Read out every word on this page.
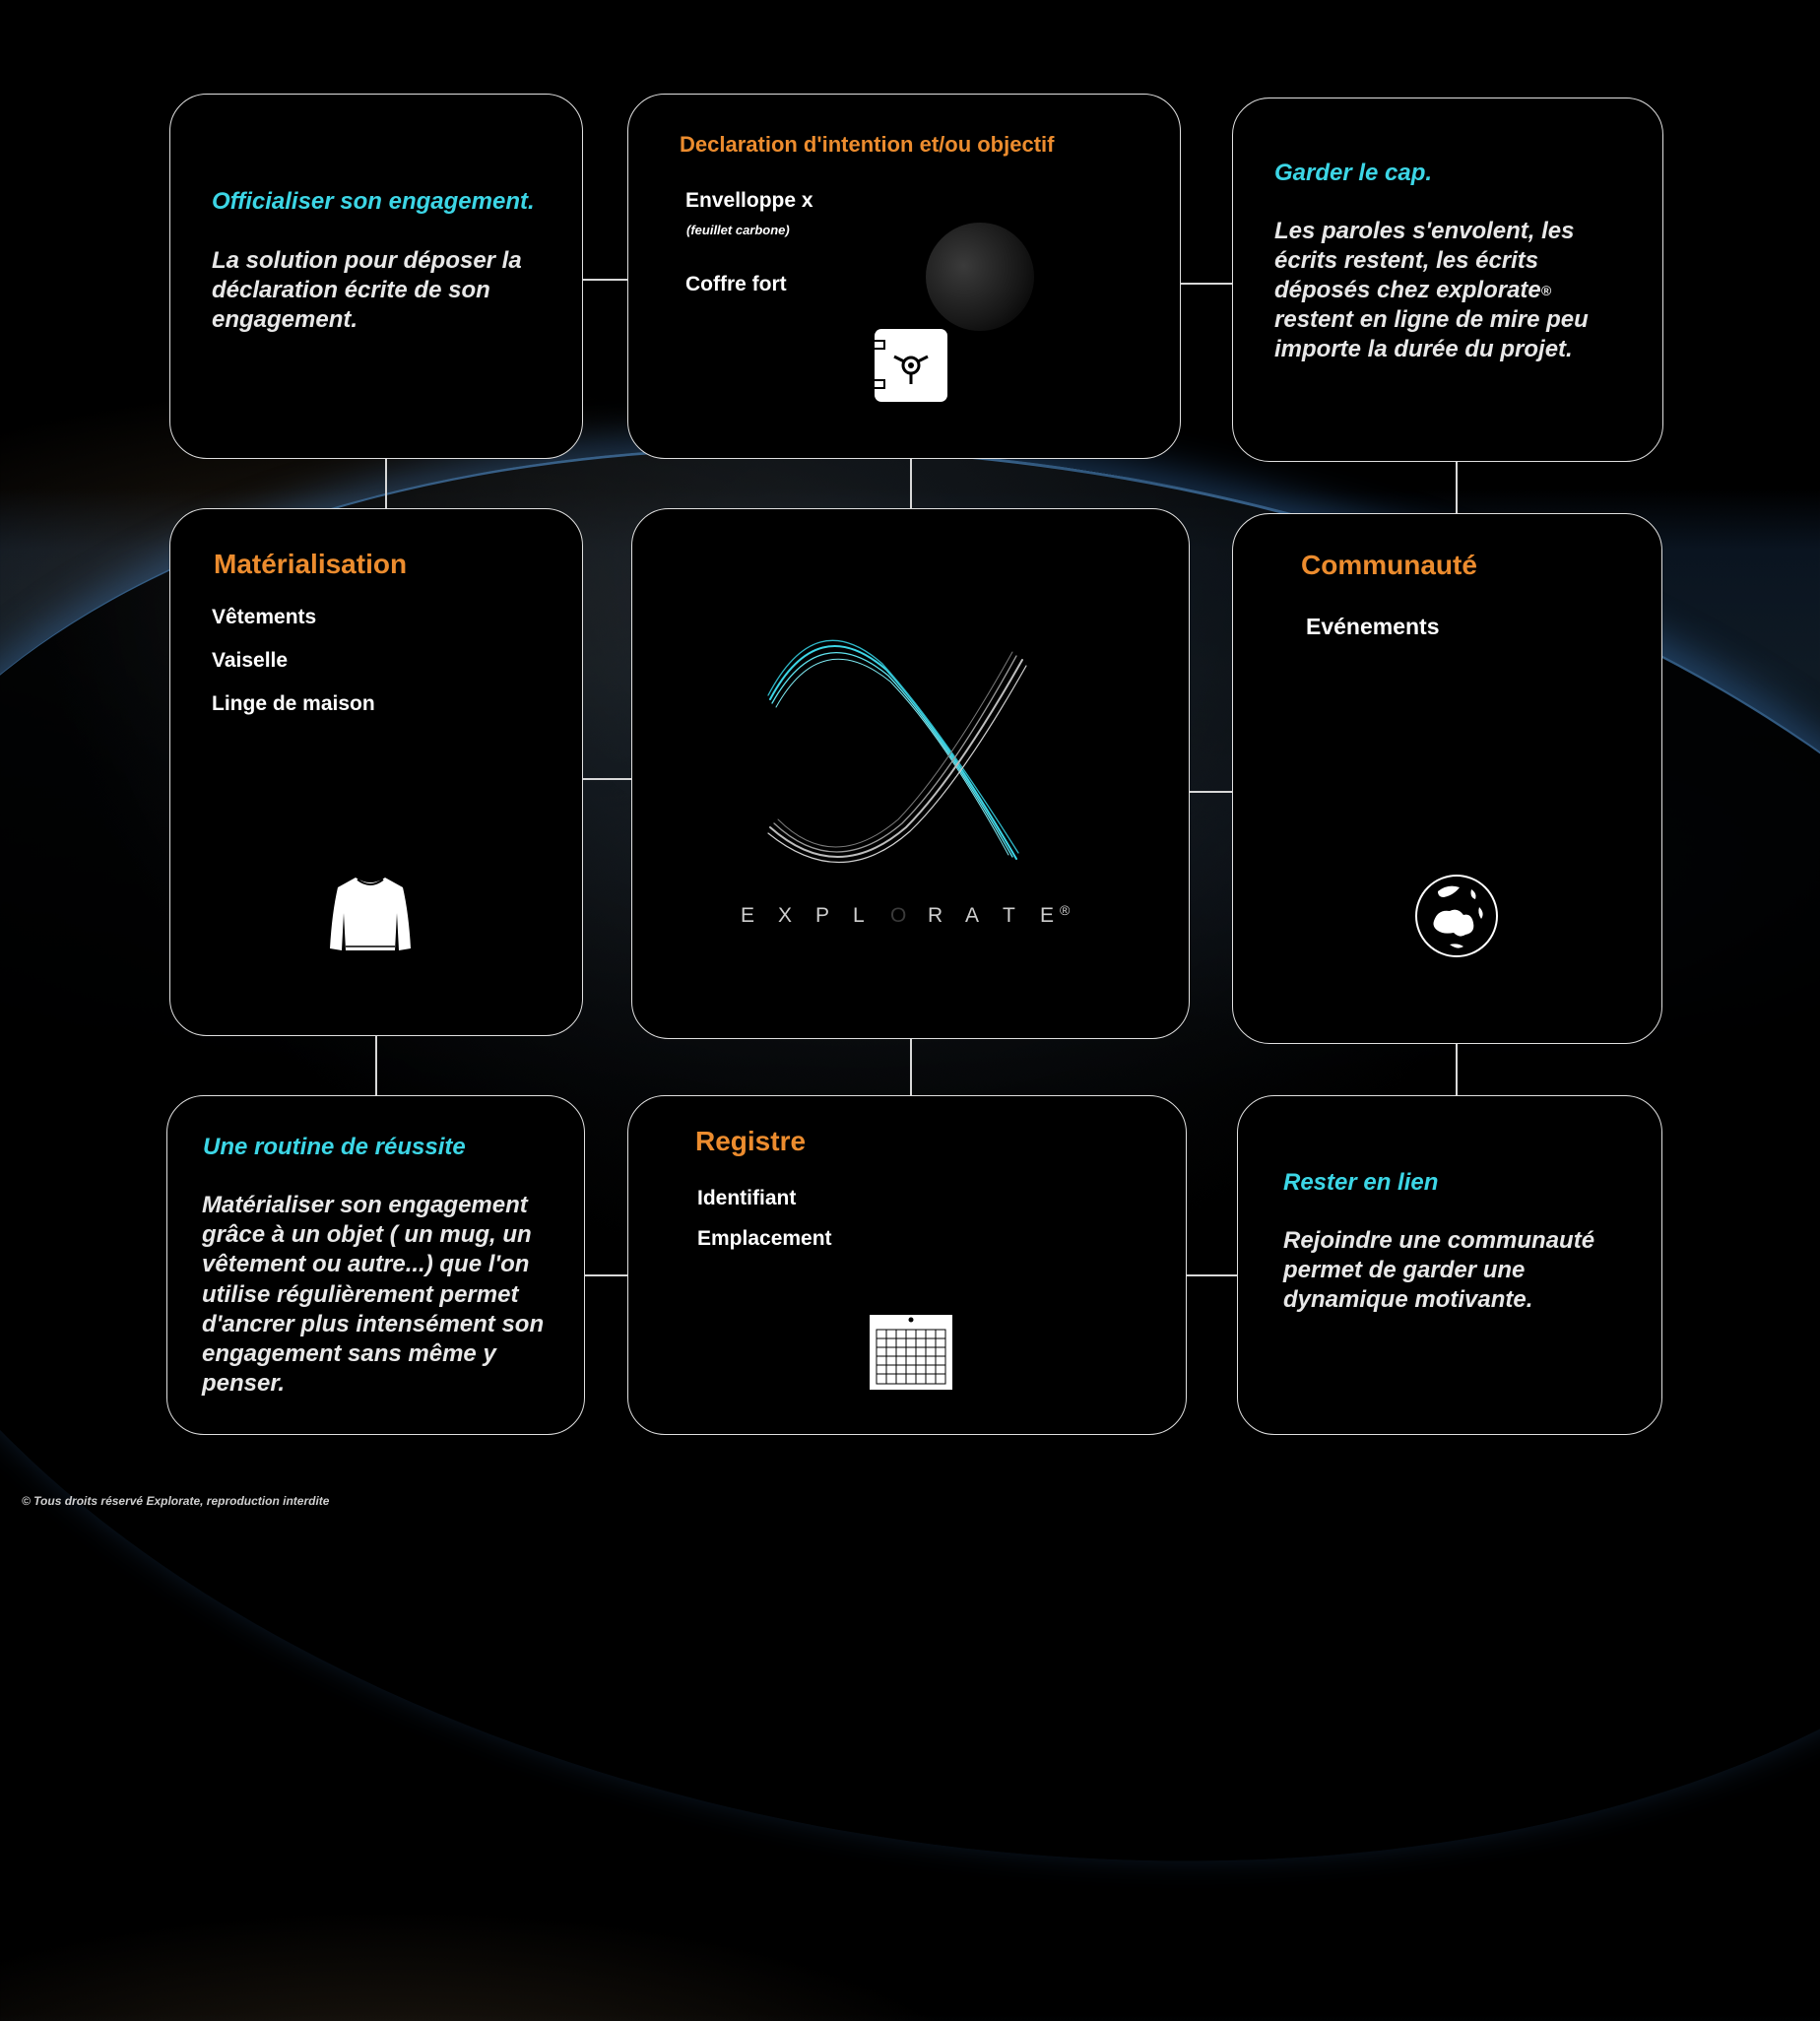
Officialiser son engagement.
La solution pour déposer la déclaration écrite de son engagement.
Declaration d'intention et/ou objectif
Envelloppe x
(feuillet carbone)
Coffre fort
Garder le cap.
Les paroles s'envolent, les écrits restent, les écrits déposés chez explorate® restent en ligne de mire peu importe la durée du projet.
Matérialisation
Vêtements
Vaiselle
Linge de maison
E X P L O R A T E ®
Communauté
Evénements
Une routine de réussite
Matérialiser son engagement grâce à un objet ( un mug, un vêtement ou autre...) que l'on utilise régulièrement permet d'ancrer plus intensément son engagement sans même y penser.
Registre
Identifiant
Emplacement
Rester en lien
Rejoindre une communauté permet de garder une dynamique motivante.
© Tous droits réservé Explorate, reproduction interdite
